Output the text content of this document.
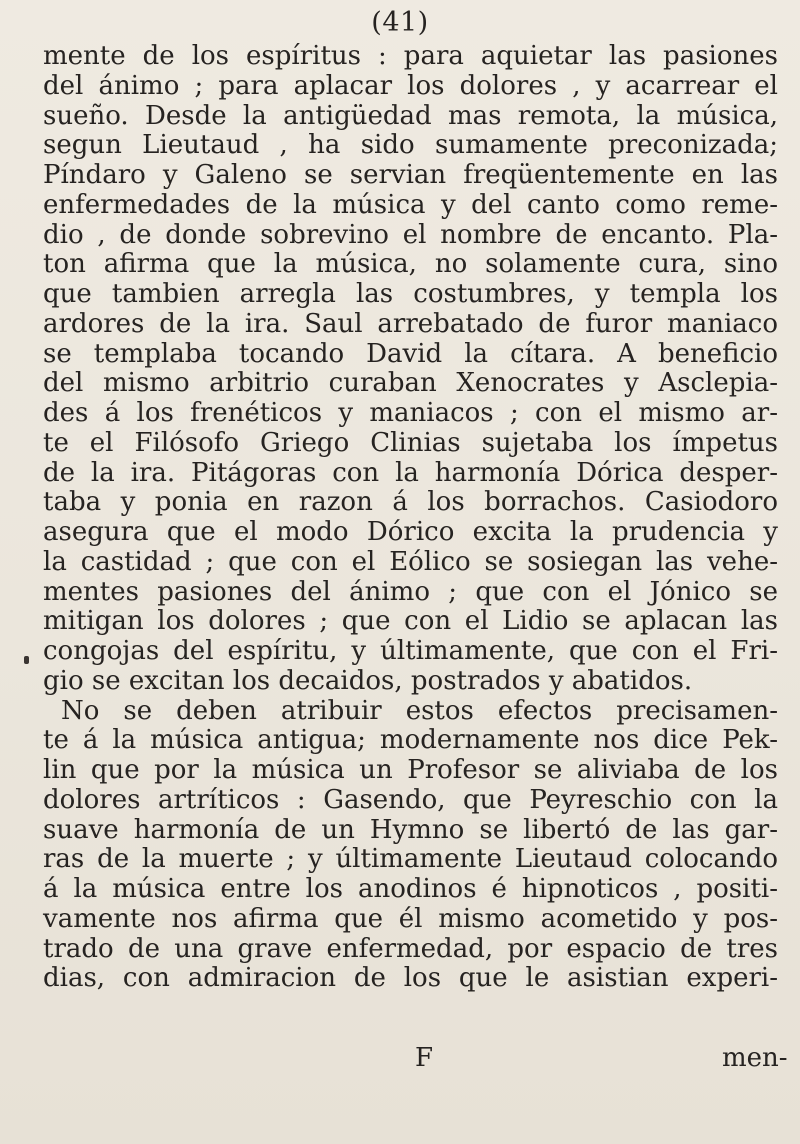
(41)
mente de los espíritus : para aquietar las pasiones
del ánimo ; para aplacar los dolores , y acarrear el
sueño. Desde la antigüedad mas remota, la música,
segun Lieutaud , ha sido sumamente preconizada;
Píndaro y Galeno se servian freqüentemente en las
enfermedades de la música y del canto como reme-
dio , de donde sobrevino el nombre de encanto. Pla-
ton afirma que la música, no solamente cura, sino
que tambien arregla las costumbres, y templa los
ardores de la ira. Saul arrebatado de furor maniaco
se templaba tocando David la cítara. A beneficio
del mismo arbitrio curaban Xenocrates y Asclepia-
des á los frenéticos y maniacos ; con el mismo ar-
te el Filósofo Griego Clinias sujetaba los ímpetus
de la ira. Pitágoras con la harmonía Dórica desper-
taba y ponia en razon á los borrachos. Casiodoro
asegura que el modo Dórico excita la prudencia y
la castidad ; que con el Eólico se sosiegan las vehe-
mentes pasiones del ánimo ; que con el Jónico se
mitigan los dolores ; que con el Lidio se aplacan las
congojas del espíritu, y últimamente, que con el Fri-
gio se excitan los decaidos, postrados y abatidos.
No se deben atribuir estos efectos precisamen-
te á la música antigua; modernamente nos dice Pek-
lin que por la música un Profesor se aliviaba de los
dolores artríticos : Gasendo, que Peyreschio con la
suave harmonía de un Hymno se libertó de las gar-
ras de la muerte ; y últimamente Lieutaud colocando
á la música entre los anodinos é hipnoticos , positi-
vamente nos afirma que él mismo acometido y pos-
trado de una grave enfermedad, por espacio de tres
dias, con admiracion de los que le asistian experi-
F	men-
